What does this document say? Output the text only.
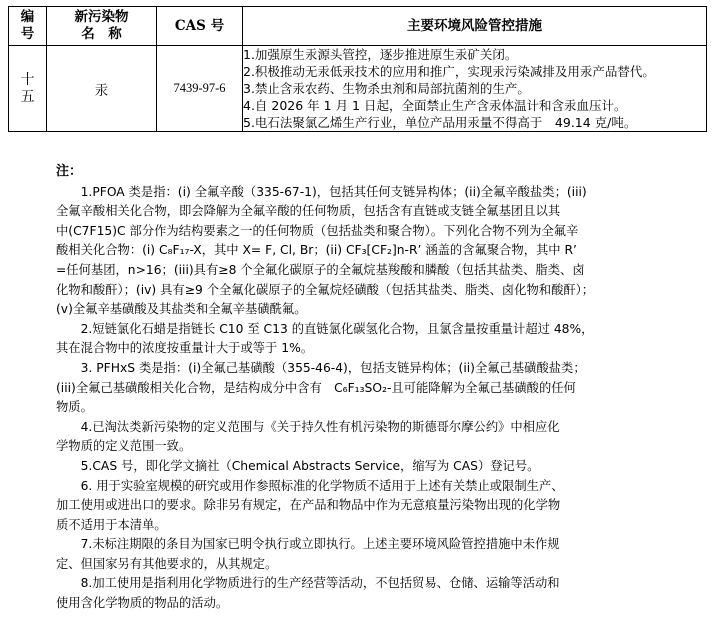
编号	新污染物名　称	CAS 号	主要环境风险管控措施
十五	汞	7439-97-6	1.加强原生汞源头管控，逐步推进原生汞矿关闭。
2.积极推动无汞低汞技术的应用和推广，实现汞污染减排及用汞产品替代。
3.禁止含汞农药、生物杀虫剂和局部抗菌剂的生产。
4.自 2026 年 1 月 1 日起，全面禁止生产含汞体温计和含汞血压计。
5.电石法聚氯乙烯生产行业，单位产品用汞量不得高于　49.14 克/吨。
注：
1.PFOA 类是指：(i) 全氟辛酸（335-67-1)，包括其任何支链异构体；(ii)全氟辛酸盐类；(iii)
全氟辛酸相关化合物，即会降解为全氟辛酸的任何物质，包括含有直链或支链全氟基团且以其
中(C7F15)C 部分作为结构要素之一的任何物质（包括盐类和聚合物）。下列化合物不列为全氟辛
酸相关化合物：(i) C₈F₁₇-X，其中 X= F, Cl, Br；(ii) CF₃[CF₂]n-R’ 涵盖的含氟聚合物，其中 R’
=任何基团，n>16；(iii)具有≥8 个全氟化碳原子的全氟烷基羧酸和膦酸（包括其盐类、脂类、卤
化物和酸酐）；(iv) 具有≥9 个全氟化碳原子的全氟烷烃磺酸（包括其盐类、脂类、卤化物和酸酐）；
(v)全氟辛基磺酸及其盐类和全氟辛基磺酰氟。
2.短链氯化石蜡是指链长 C10 至 C13 的直链氯化碳氢化合物，且氯含量按重量计超过 48%，
其在混合物中的浓度按重量计大于或等于 1%。
3. PFHxS 类是指：(i)全氟己基磺酸（355-46-4)，包括支链异构体；(ii)全氟己基磺酸盐类；
(iii)全氟己基磺酸相关化合物，是结构成分中含有　C₆F₁₃SO₂-且可能降解为全氟己基磺酸的任何
物质。
4.已淘汰类新污染物的定义范围与《关于持久性有机污染物的斯德哥尔摩公约》中相应化
学物质的定义范围一致。
5.CAS 号，即化学文摘社（Chemical Abstracts Service，缩写为 CAS）登记号。
6. 用于实验室规模的研究或用作参照标准的化学物质不适用于上述有关禁止或限制生产、
加工使用或进出口的要求。除非另有规定，在产品和物品中作为无意痕量污染物出现的化学物
质不适用于本清单。
7.未标注期限的条目为国家已明令执行或立即执行。上述主要环境风险管控措施中未作规
定、但国家另有其他要求的，从其规定。
8.加工使用是指利用化学物质进行的生产经营等活动，不包括贸易、仓储、运输等活动和
使用含化学物质的物品的活动。
